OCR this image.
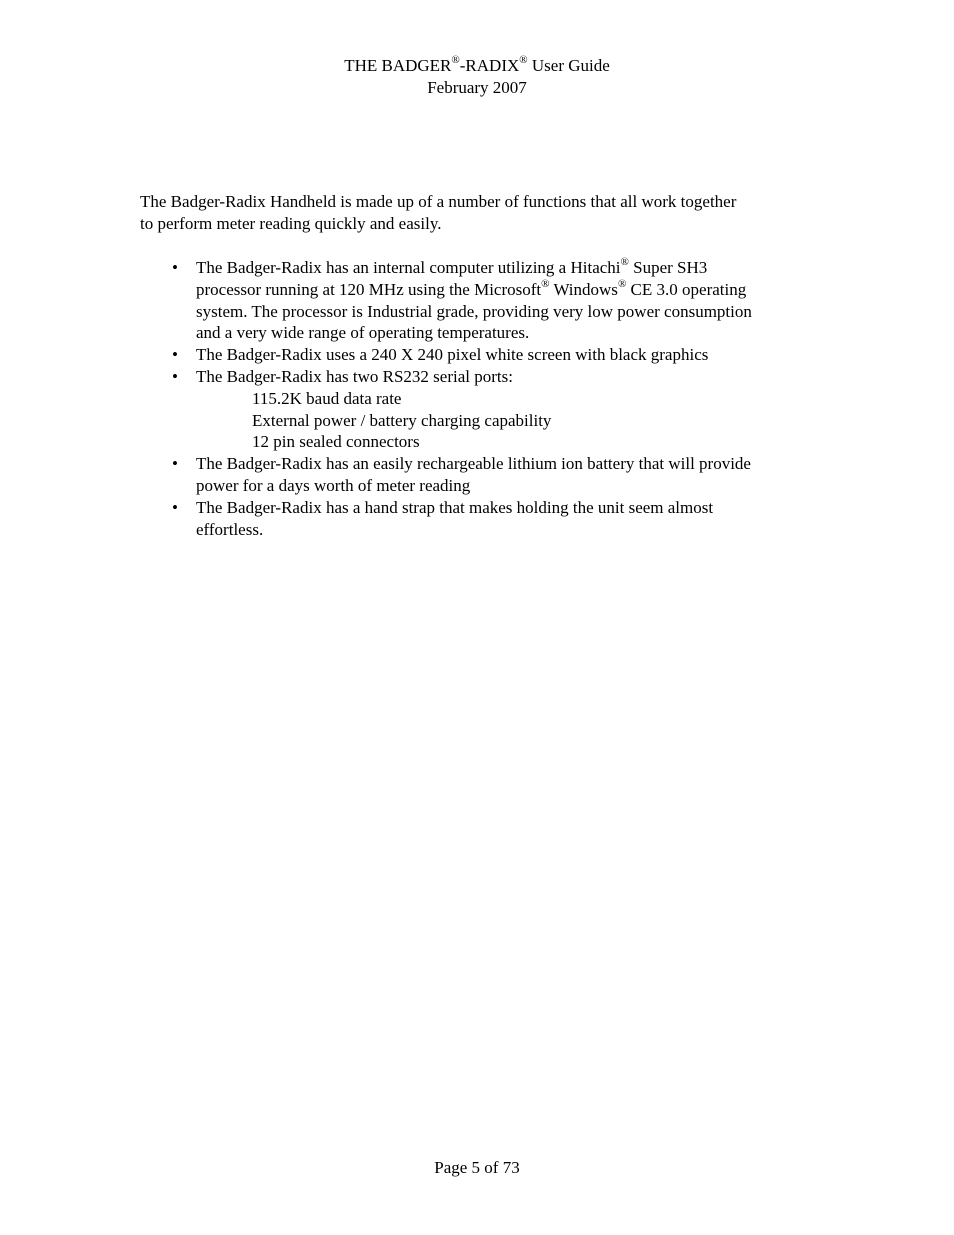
THE BADGER®-RADIX® User Guide
February 2007
The Badger-Radix Handheld is made up of a number of functions that all work together
to perform meter reading quickly and easily.
• The Badger-Radix has an internal computer utilizing a Hitachi® Super SH3
processor running at 120 MHz using the Microsoft® Windows® CE 3.0 operating
system. The processor is Industrial grade, providing very low power consumption
and a very wide range of operating temperatures.
• The Badger-Radix uses a 240 X 240 pixel white screen with black graphics
• The Badger-Radix has two RS232 serial ports:
115.2K baud data rate
External power / battery charging capability
12 pin sealed connectors
• The Badger-Radix has an easily rechargeable lithium ion battery that will provide
power for a days worth of meter reading
• The Badger-Radix has a hand strap that makes holding the unit seem almost
effortless.
Page 5 of 73
